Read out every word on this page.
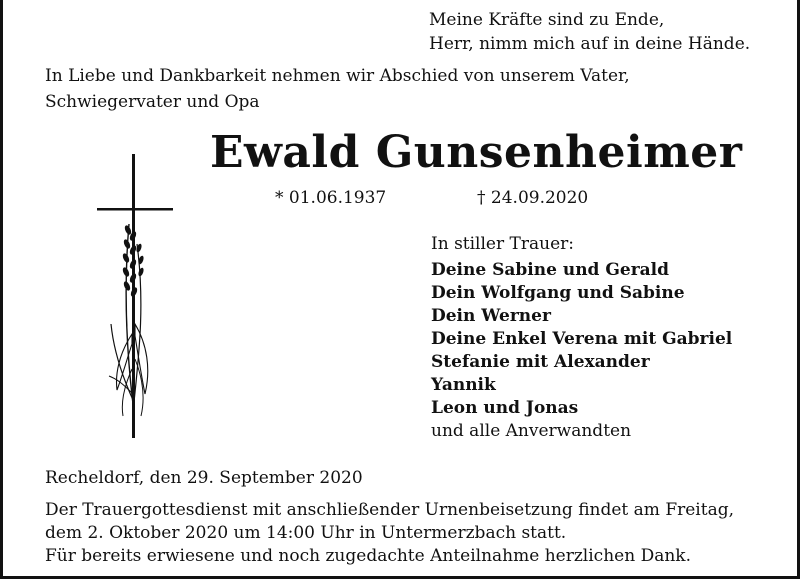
Meine Kräfte sind zu Ende,
Herr, nimm mich auf in deine Hände.
In Liebe und Dankbarkeit nehmen wir Abschied von unserem Vater,
Schwiegervater und Opa
Ewald Gunsenheimer
* 01.06.1937	† 24.09.2020
In stiller Trauer:
Deine Sabine und Gerald
Dein Wolfgang und Sabine
Dein Werner
Deine Enkel Verena mit Gabriel
Stefanie mit Alexander
Yannik
Leon und Jonas
und alle Anverwandten
Recheldorf, den 29. September 2020
Der Trauergottesdienst mit anschließender Urnenbeisetzung findet am Freitag,
dem 2. Oktober 2020 um 14:00 Uhr in Untermerzbach statt.
Für bereits erwiesene und noch zugedachte Anteilnahme herzlichen Dank.
